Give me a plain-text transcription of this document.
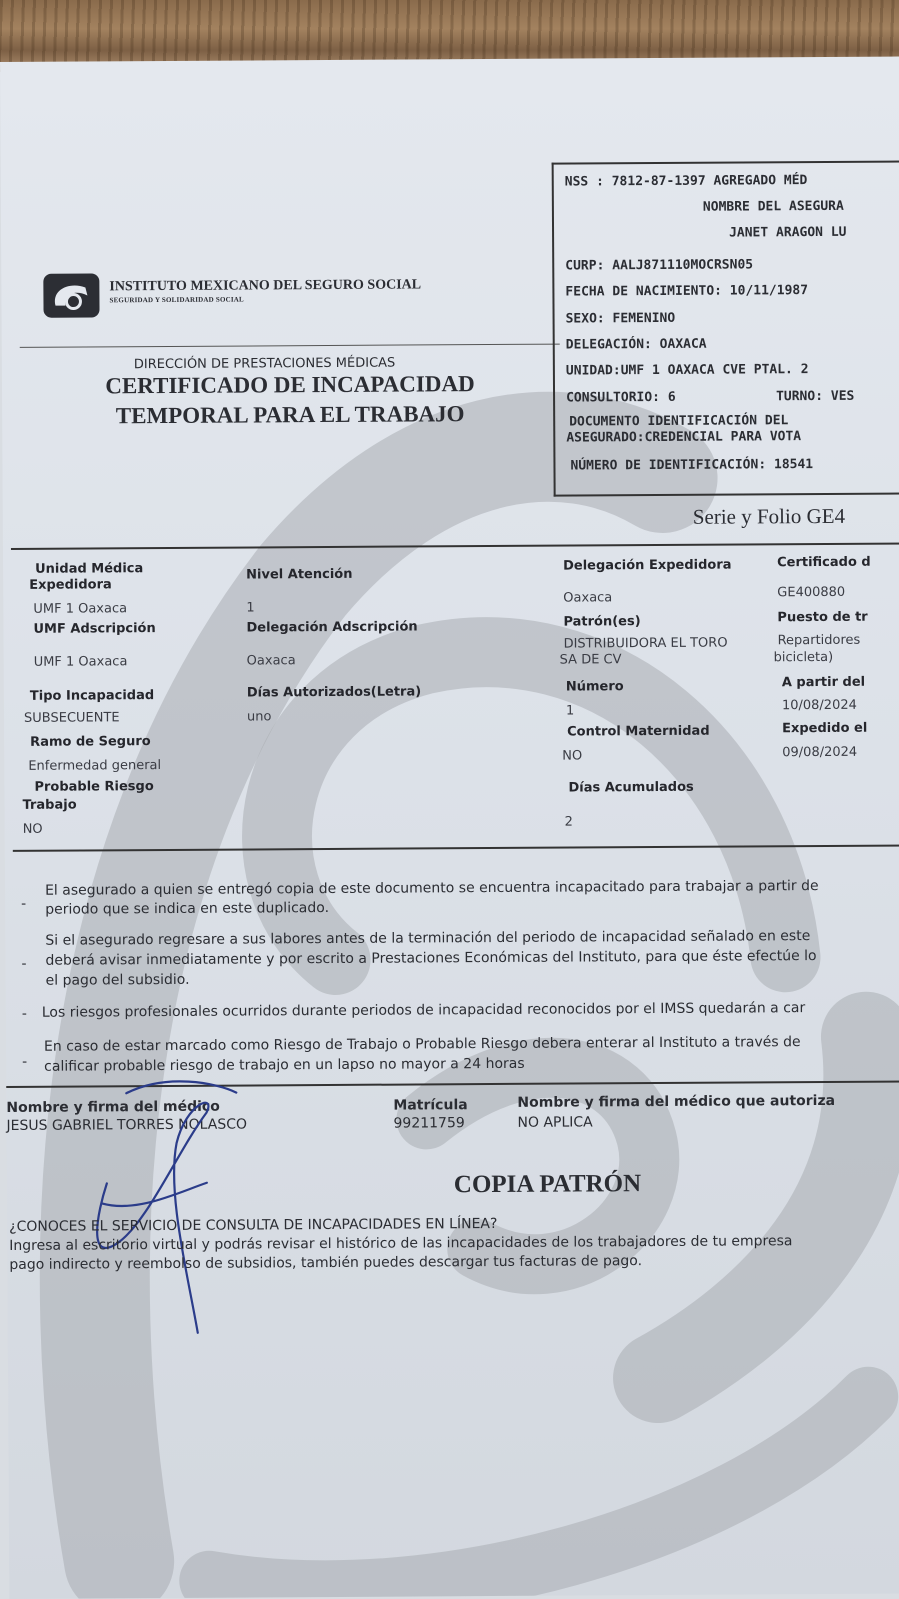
INSTITUTO MEXICANO DEL SEGURO SOCIAL
SEGURIDAD Y SOLIDARIDAD SOCIAL
DIRECCIÓN DE PRESTACIONES MÉDICAS
CERTIFICADO DE INCAPACIDAD
TEMPORAL PARA EL TRABAJO
NSS : 7812-87-1397 AGREGADO MÉD
NOMBRE DEL ASEGURA
JANET ARAGON LU
CURP: AALJ871110MOCRSN05
FECHA DE NACIMIENTO: 10/11/1987
SEXO: FEMENINO
DELEGACIÓN: OAXACA
UNIDAD:UMF 1 OAXACA CVE PTAL. 2
CONSULTORIO: 6	TURNO: VES
DOCUMENTO IDENTIFICACIÓN DEL
ASEGURADO:CREDENCIAL PARA VOTA
NÚMERO DE IDENTIFICACIÓN: 18541
Serie y Folio GE4
Unidad Médica
Expedidora
UMF 1 Oaxaca
Nivel Atención
1
Delegación Expedidora
Oaxaca
Certificado d
GE400880
UMF Adscripción
UMF 1 Oaxaca
Delegación Adscripción
Oaxaca
Patrón(es)
DISTRIBUIDORA EL TORO
SA DE CV
Puesto de tr
Repartidores
bicicleta)
Tipo Incapacidad
SUBSECUENTE
Días Autorizados(Letra)
uno
Número
1
A partir del
10/08/2024
Ramo de Seguro
Enfermedad general
Control Maternidad
NO
Expedido el
09/08/2024
Probable Riesgo
Trabajo
NO
Días Acumulados
2
-
El asegurado a quien se entregó copia de este documento se encuentra incapacitado para trabajar a partir de
periodo que se indica en este duplicado.
-
Si el asegurado regresare a sus labores antes de la terminación del periodo de incapacidad señalado en este
deberá avisar inmediatamente y por escrito a Prestaciones Económicas del Instituto, para que éste efectúe lo
el pago del subsidio.
- Los riesgos profesionales ocurridos durante periodos de incapacidad reconocidos por el IMSS quedarán a car
-
En caso de estar marcado como Riesgo de Trabajo o Probable Riesgo debera enterar al Instituto a través de
calificar probable riesgo de trabajo en un lapso no mayor a 24 horas
Nombre y firma del médico
JESUS GABRIEL TORRES NOLASCO
Matrícula
99211759
Nombre y firma del médico que autoriza
NO APLICA
COPIA PATRÓN
¿CONOCES EL SERVICIO DE CONSULTA DE INCAPACIDADES EN LÍNEA?
Ingresa al escritorio virtual y podrás revisar el histórico de las incapacidades de los trabajadores de tu empresa
pago indirecto y reembolso de subsidios, también puedes descargar tus facturas de pago.
